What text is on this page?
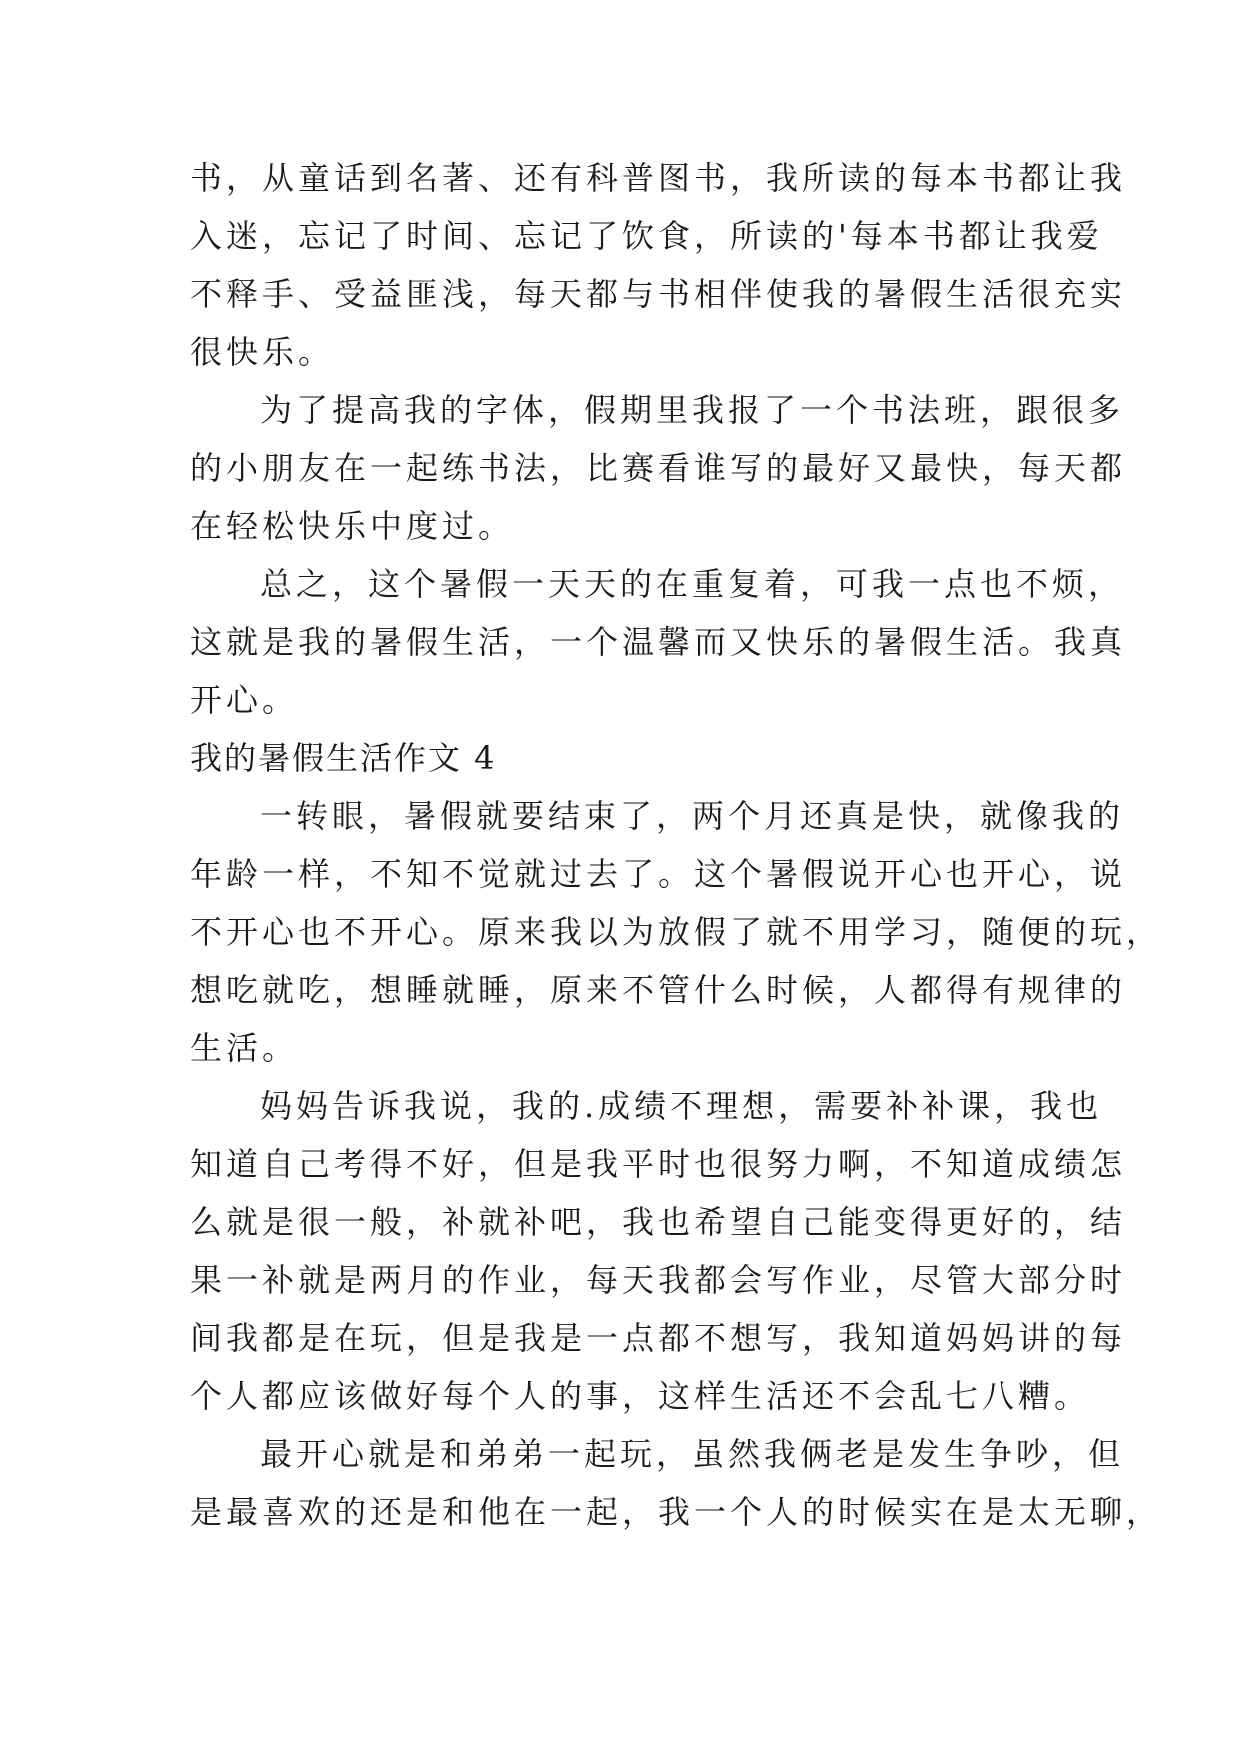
书，从童话到名著、还有科普图书，我所读的每本书都让我
入迷，忘记了时间、忘记了饮食，所读的'每本书都让我爱
不释手、受益匪浅，每天都与书相伴使我的暑假生活很充实
很快乐。
为了提高我的字体，假期里我报了一个书法班，跟很多
的小朋友在一起练书法，比赛看谁写的最好又最快，每天都
在轻松快乐中度过。
总之，这个暑假一天天的在重复着，可我一点也不烦，
这就是我的暑假生活，一个温馨而又快乐的暑假生活。我真
开心。
我的暑假生活作文 4
一转眼，暑假就要结束了，两个月还真是快，就像我的
年龄一样，不知不觉就过去了。这个暑假说开心也开心，说
不开心也不开心。原来我以为放假了就不用学习，随便的玩，
想吃就吃，想睡就睡，原来不管什么时候，人都得有规律的
生活。
妈妈告诉我说，我的.成绩不理想，需要补补课，我也
知道自己考得不好，但是我平时也很努力啊，不知道成绩怎
么就是很一般，补就补吧，我也希望自己能变得更好的，结
果一补就是两月的作业，每天我都会写作业，尽管大部分时
间我都是在玩，但是我是一点都不想写，我知道妈妈讲的每
个人都应该做好每个人的事，这样生活还不会乱七八糟。
最开心就是和弟弟一起玩，虽然我俩老是发生争吵，但
是最喜欢的还是和他在一起，我一个人的时候实在是太无聊，
